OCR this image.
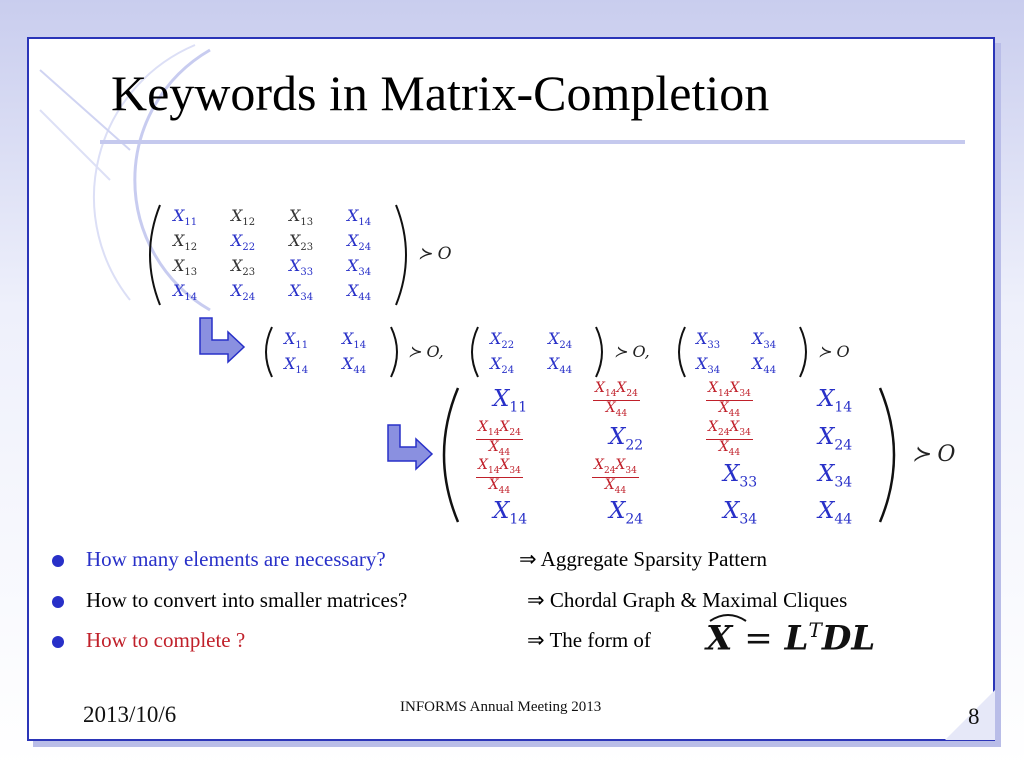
Keywords in Matrix-Completion
$X_{11}$ $X_{12}$ $X_{13}$ $X_{14}$
$X_{12}$ $X_{22}$ $X_{23}$ $X_{24}$
$X_{13}$ $X_{23}$ $X_{33}$ $X_{34}$
$X_{14}$ $X_{24}$ $X_{34}$ $X_{44}$
≻ O
$X_{11}$ $X_{14}$
$X_{14}$ $X_{44}$
≻ O,
$X_{22}$ $X_{24}$
$X_{24}$ $X_{44}$
≻ O,
$X_{33}$ $X_{34}$
$X_{34}$ $X_{44}$
≻ O
$X_{11}$	$\frac{X_{14}X_{24}}{X_{44}}$	$\frac{X_{14}X_{34}}{X_{44}}$	$X_{14}$
$\frac{X_{14}X_{24}}{X_{44}}$	$X_{22}$	$\frac{X_{24}X_{34}}{X_{44}}$	$X_{24}$
$\frac{X_{14}X_{34}}{X_{44}}$	$\frac{X_{24}X_{34}}{X_{44}}$	$X_{33}$	$X_{34}$
$X_{14}$	$X_{24}$	$X_{34}$	$X_{44}$
≻ O
How many elements are necessary?	⇒ Aggregate Sparsity Pattern
How to convert into smaller matrices?	⇒ Chordal Graph & Maximal Cliques
How to complete ?	⇒ The form of $X = L^TDL$
2013/10/6	INFORMS Annual Meeting 2013	8
